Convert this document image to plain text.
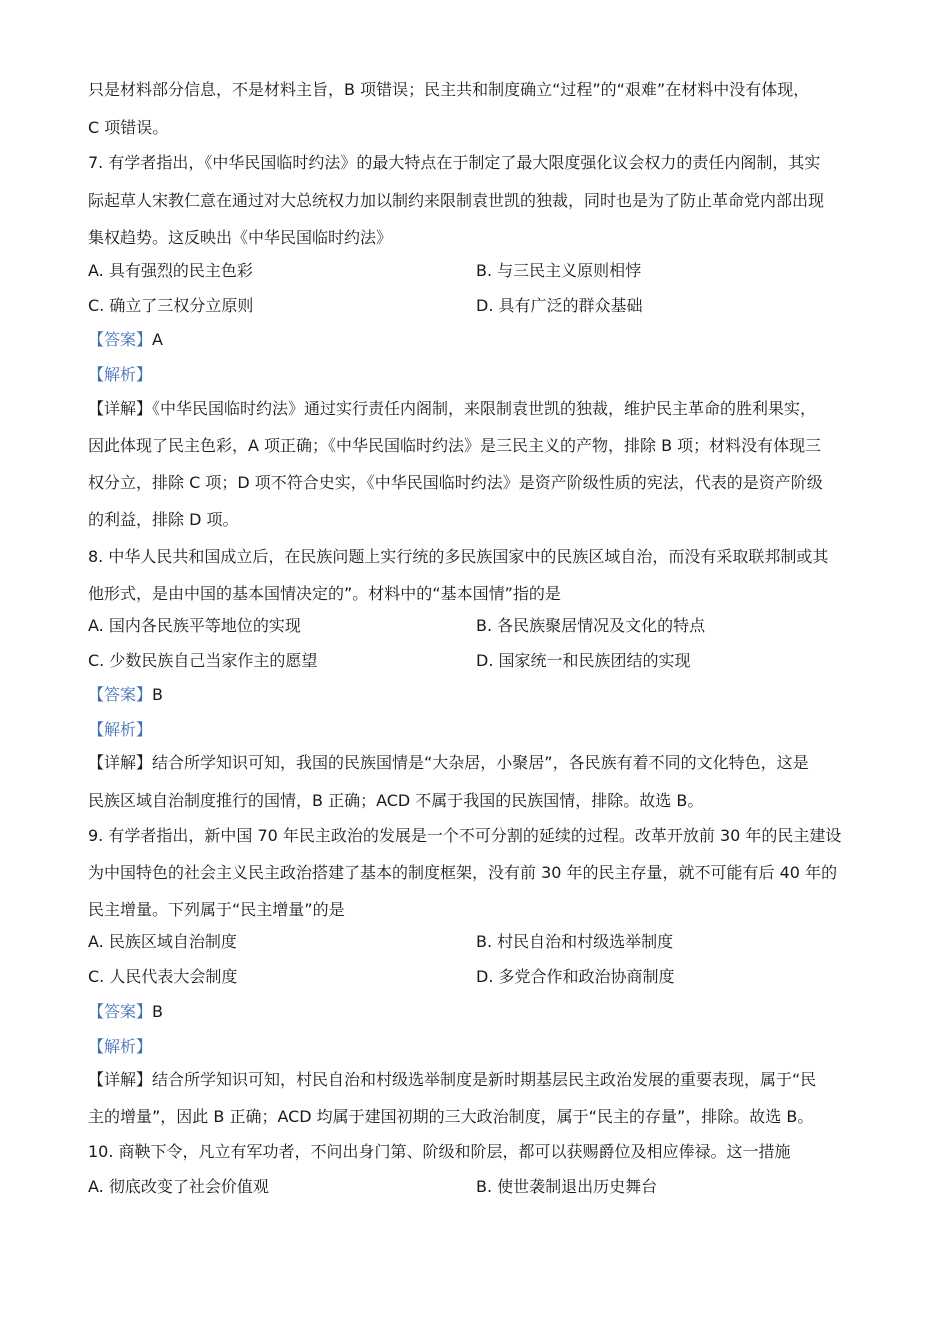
只是材料部分信息，不是材料主旨，B 项错误；民主共和制度确立“过程”的“艰难”在材料中没有体现，
C 项错误。
7. 有学者指出，《中华民国临时约法》的最大特点在于制定了最大限度强化议会权力的责任内阁制，其实
际起草人宋教仁意在通过对大总统权力加以制约来限制袁世凯的独裁，同时也是为了防止革命党内部出现
集权趋势。这反映出《中华民国临时约法》
A. 具有强烈的民主色彩	B. 与三民主义原则相悖
C. 确立了三权分立原则	D. 具有广泛的群众基础
【答案】A
【解析】
【详解】《中华民国临时约法》通过实行责任内阁制，来限制袁世凯的独裁，维护民主革命的胜利果实，
因此体现了民主色彩，A 项正确；《中华民国临时约法》是三民主义的产物，排除 B 项；材料没有体现三
权分立，排除 C 项；D 项不符合史实，《中华民国临时约法》是资产阶级性质的宪法，代表的是资产阶级
的利益，排除 D 项。
8. 中华人民共和国成立后，在民族问题上实行统的多民族国家中的民族区域自治，而没有采取联邦制或其
他形式，是由中国的基本国情决定的”。材料中的“基本国情”指的是
A. 国内各民族平等地位的实现	B. 各民族聚居情况及文化的特点
C. 少数民族自己当家作主的愿望	D. 国家统一和民族团结的实现
【答案】B
【解析】
【详解】结合所学知识可知，我国的民族国情是“大杂居，小聚居”，各民族有着不同的文化特色，这是
民族区域自治制度推行的国情，B 正确；ACD 不属于我国的民族国情，排除。故选 B。
9. 有学者指出，新中国 70 年民主政治的发展是一个不可分割的延续的过程。改革开放前 30 年的民主建设
为中国特色的社会主义民主政治搭建了基本的制度框架，没有前 30 年的民主存量，就不可能有后 40 年的
民主增量。下列属于“民主增量”的是
A. 民族区域自治制度	B. 村民自治和村级选举制度
C. 人民代表大会制度	D. 多党合作和政治协商制度
【答案】B
【解析】
【详解】结合所学知识可知，村民自治和村级选举制度是新时期基层民主政治发展的重要表现，属于“民
主的增量”，因此 B 正确；ACD 均属于建国初期的三大政治制度，属于“民主的存量”，排除。故选 B。
10. 商鞅下令，凡立有军功者，不问出身门第、阶级和阶层，都可以获赐爵位及相应俸禄。这一措施
A. 彻底改变了社会价值观	B. 使世袭制退出历史舞台
